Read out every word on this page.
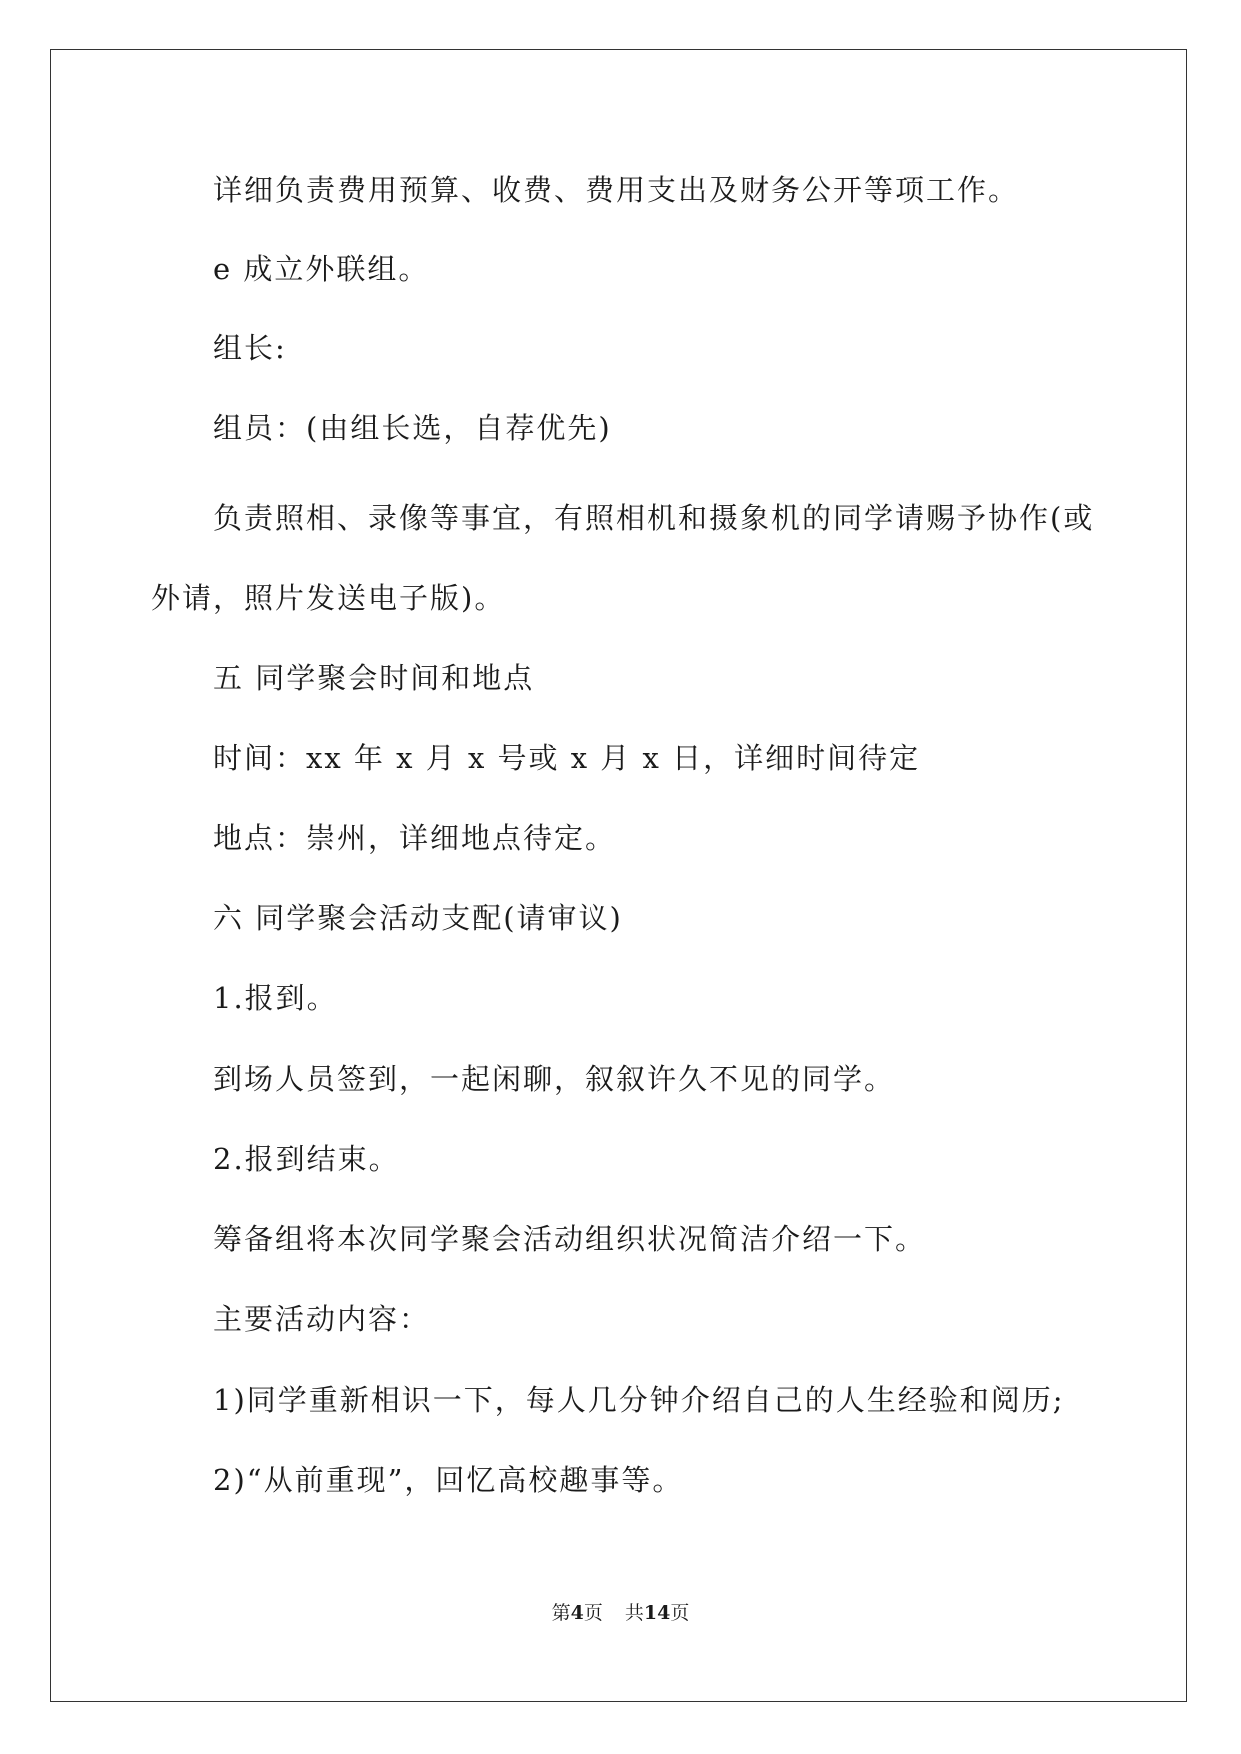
详细负责费用预算、收费、费用支出及财务公开等项工作。
e 成立外联组。
组长:
组员：(由组长选，自荐优先)
负责照相、录像等事宜，有照相机和摄象机的同学请赐予协作(或
外请，照片发送电子版)。
五 同学聚会时间和地点
时间：xx 年 x 月 x 号或 x 月 x 日，详细时间待定
地点：崇州，详细地点待定。
六 同学聚会活动支配(请审议)
1.报到。
到场人员签到，一起闲聊，叙叙许久不见的同学。
2.报到结束。
筹备组将本次同学聚会活动组织状况简洁介绍一下。
主要活动内容：
1)同学重新相识一下，每人几分钟介绍自己的人生经验和阅历;
2)“从前重现”，回忆高校趣事等。
第4页 共14页
